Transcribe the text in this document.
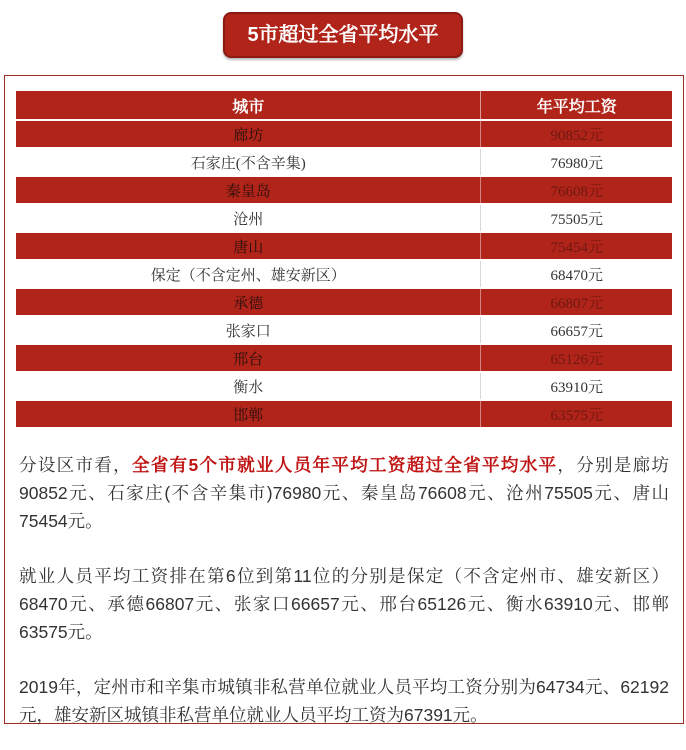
5市超过全省平均水平
城市	年平均工资
廊坊	90852元
石家庄(不含辛集)	76980元
秦皇岛	76608元
沧州	75505元
唐山	75454元
保定（不含定州、雄安新区）	68470元
承德	66807元
张家口	66657元
邢台	65126元
衡水	63910元
邯郸	63575元

分设区市看，全省有5个市就业人员年平均工资超过全省平均水平，分别是廊坊90852元、石家庄(不含辛集市)76980元、秦皇岛76608元、沧州75505元、唐山75454元。

就业人员平均工资排在第6位到第11位的分别是保定（不含定州市、雄安新区）68470元、承德66807元、张家口66657元、邢台65126元、衡水63910元、邯郸63575元。

2019年，定州市和辛集市城镇非私营单位就业人员平均工资分别为64734元、62192元，雄安新区城镇非私营单位就业人员平均工资为67391元。
